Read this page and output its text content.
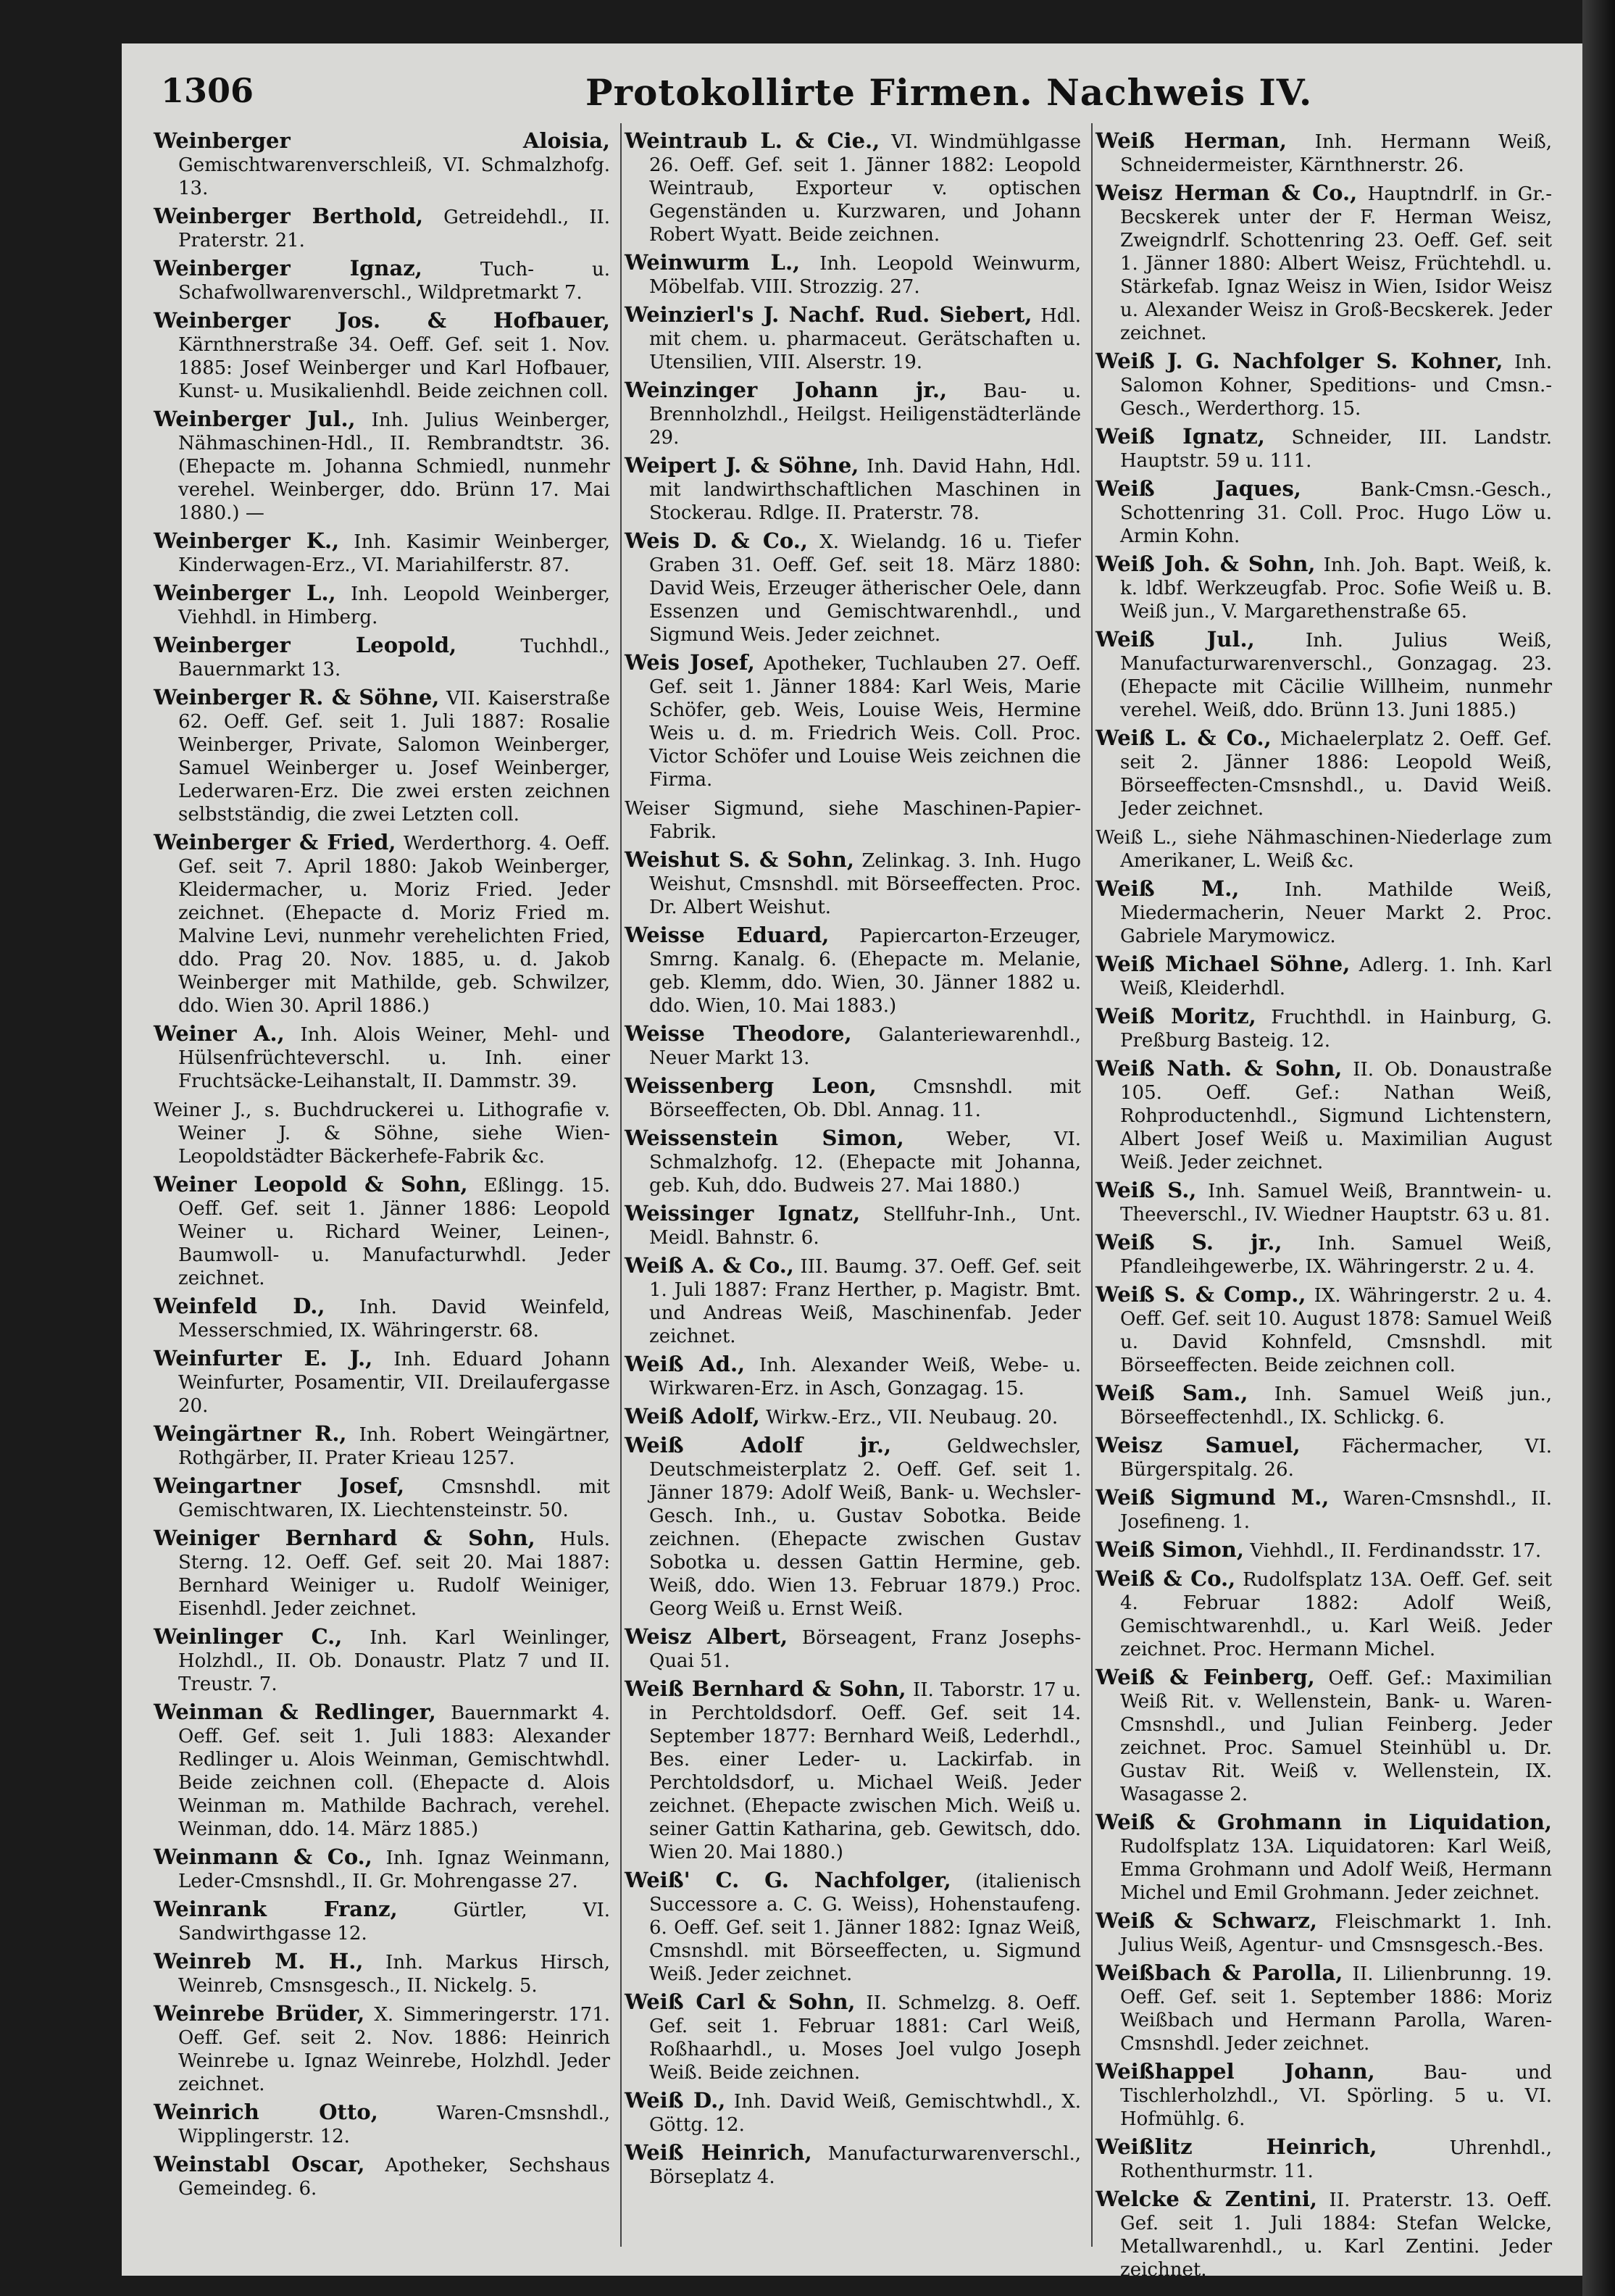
1306	Protokollirte Firmen. Nachweis IV.

Weinberger Aloisia, Gemischtwarenverschleiß, VI. Schmalzhofg. 13.

Weinberger Berthold, Getreidehdl., II. Praterstr. 21.

Weinberger Ignaz, Tuch- u. Schafwollwarenverschl., Wildpretmarkt 7.

Weinberger Jos. & Hofbauer, Kärnthnerstraße 34. Oeff. Gef. seit 1. Nov. 1885: Josef Weinberger und Karl Hofbauer, Kunst- u. Musikalienhdl. Beide zeichnen coll.

Weinberger Jul., Inh. Julius Weinberger, Nähmaschinen-Hdl., II. Rembrandtstr. 36. (Ehepacte m. Johanna Schmiedl, nunmehr verehel. Weinberger, ddo. Brünn 17. Mai 1880.) —

Weinberger K., Inh. Kasimir Weinberger, Kinderwagen-Erz., VI. Mariahilferstr. 87.

Weinberger L., Inh. Leopold Weinberger, Viehhdl. in Himberg.

Weinberger Leopold, Tuchhdl., Bauernmarkt 13.

Weinberger R. & Söhne, VII. Kaiserstraße 62. Oeff. Gef. seit 1. Juli 1887: Rosalie Weinberger, Private, Salomon Weinberger, Samuel Weinberger u. Josef Weinberger, Lederwaren-Erz. Die zwei ersten zeichnen selbstständig, die zwei Letzten coll.

Weinberger & Fried, Werderthorg. 4. Oeff. Gef. seit 7. April 1880: Jakob Weinberger, Kleidermacher, u. Moriz Fried. Jeder zeichnet. (Ehepacte d. Moriz Fried m. Malvine Levi, nunmehr verehelichten Fried, ddo. Prag 20. Nov. 1885, u. d. Jakob Weinberger mit Mathilde, geb. Schwilzer, ddo. Wien 30. April 1886.)

Weiner A., Inh. Alois Weiner, Mehl- und Hülsenfrüchteverschl. u. Inh. einer Fruchtsäcke-Leihanstalt, II. Dammstr. 39.

Weiner J., s. Buchdruckerei u. Lithografie v. Weiner J. & Söhne, siehe Wien-Leopoldstädter Bäckerhefe-Fabrik &c.

Weiner Leopold & Sohn, Eßlingg. 15. Oeff. Gef. seit 1. Jänner 1886: Leopold Weiner u. Richard Weiner, Leinen-, Baumwoll- u. Manufacturwhdl. Jeder zeichnet.

Weinfeld D., Inh. David Weinfeld, Messerschmied, IX. Währingerstr. 68.

Weinfurter E. J., Inh. Eduard Johann Weinfurter, Posamentir, VII. Dreilaufergasse 20.

Weingärtner R., Inh. Robert Weingärtner, Rothgärber, II. Prater Krieau 1257.

Weingartner Josef, Cmsnshdl. mit Gemischtwaren, IX. Liechtensteinstr. 50.

Weiniger Bernhard & Sohn, Huls. Sterng. 12. Oeff. Gef. seit 20. Mai 1887: Bernhard Weiniger u. Rudolf Weiniger, Eisenhdl. Jeder zeichnet.

Weinlinger C., Inh. Karl Weinlinger, Holzhdl., II. Ob. Donaustr. Platz 7 und II. Treustr. 7.

Weinman & Redlinger, Bauernmarkt 4. Oeff. Gef. seit 1. Juli 1883: Alexander Redlinger u. Alois Weinman, Gemischtwhdl. Beide zeichnen coll. (Ehepacte d. Alois Weinman m. Mathilde Bachrach, verehel. Weinman, ddo. 14. März 1885.)

Weinmann & Co., Inh. Ignaz Weinmann, Leder-Cmsnshdl., II. Gr. Mohrengasse 27.

Weinrank Franz, Gürtler, VI. Sandwirthgasse 12.

Weinreb M. H., Inh. Markus Hirsch, Weinreb, Cmsnsgesch., II. Nickelg. 5.

Weinrebe Brüder, X. Simmeringerstr. 171. Oeff. Gef. seit 2. Nov. 1886: Heinrich Weinrebe u. Ignaz Weinrebe, Holzhdl. Jeder zeichnet.

Weinrich Otto, Waren-Cmsnshdl., Wipplingerstr. 12.

Weinstabl Oscar, Apotheker, Sechshaus Gemeindeg. 6.

Weintraub L. & Cie., VI. Windmühlgasse 26. Oeff. Gef. seit 1. Jänner 1882: Leopold Weintraub, Exporteur v. optischen Gegenständen u. Kurzwaren, und Johann Robert Wyatt. Beide zeichnen.

Weinwurm L., Inh. Leopold Weinwurm, Möbelfab. VIII. Strozzig. 27.

Weinzierl's J. Nachf. Rud. Siebert, Hdl. mit chem. u. pharmaceut. Gerätschaften u. Utensilien, VIII. Alserstr. 19.

Weinzinger Johann jr., Bau- u. Brennholzhdl., Heilgst. Heiligenstädterlände 29.

Weipert J. & Söhne, Inh. David Hahn, Hdl. mit landwirthschaftlichen Maschinen in Stockerau. Rdlge. II. Praterstr. 78.

Weis D. & Co., X. Wielandg. 16 u. Tiefer Graben 31. Oeff. Gef. seit 18. März 1880: David Weis, Erzeuger ätherischer Oele, dann Essenzen und Gemischtwarenhdl., und Sigmund Weis. Jeder zeichnet.

Weis Josef, Apotheker, Tuchlauben 27. Oeff. Gef. seit 1. Jänner 1884: Karl Weis, Marie Schöfer, geb. Weis, Louise Weis, Hermine Weis u. d. m. Friedrich Weis. Coll. Proc. Victor Schöfer und Louise Weis zeichnen die Firma.

Weiser Sigmund, siehe Maschinen-Papier-Fabrik.

Weishut S. & Sohn, Zelinkag. 3. Inh. Hugo Weishut, Cmsnshdl. mit Börseeffecten. Proc. Dr. Albert Weishut.

Weisse Eduard, Papiercarton-Erzeuger, Smrng. Kanalg. 6. (Ehepacte m. Melanie, geb. Klemm, ddo. Wien, 30. Jänner 1882 u. ddo. Wien, 10. Mai 1883.)

Weisse Theodore, Galanteriewarenhdl., Neuer Markt 13.

Weissenberg Leon, Cmsnshdl. mit Börseeffecten, Ob. Dbl. Annag. 11.

Weissenstein Simon, Weber, VI. Schmalzhofg. 12. (Ehepacte mit Johanna, geb. Kuh, ddo. Budweis 27. Mai 1880.)

Weissinger Ignatz, Stellfuhr-Inh., Unt. Meidl. Bahnstr. 6.

Weiß A. & Co., III. Baumg. 37. Oeff. Gef. seit 1. Juli 1887: Franz Herther, p. Magistr. Bmt. und Andreas Weiß, Maschinenfab. Jeder zeichnet.

Weiß Ad., Inh. Alexander Weiß, Webe- u. Wirkwaren-Erz. in Asch, Gonzagag. 15.

Weiß Adolf, Wirkw.-Erz., VII. Neubaug. 20.

Weiß Adolf jr., Geldwechsler, Deutschmeisterplatz 2. Oeff. Gef. seit 1. Jänner 1879: Adolf Weiß, Bank- u. Wechsler-Gesch. Inh., u. Gustav Sobotka. Beide zeichnen. (Ehepacte zwischen Gustav Sobotka u. dessen Gattin Hermine, geb. Weiß, ddo. Wien 13. Februar 1879.) Proc. Georg Weiß u. Ernst Weiß.

Weisz Albert, Börseagent, Franz Josephs-Quai 51.

Weiß Bernhard & Sohn, II. Taborstr. 17 u. in Perchtoldsdorf. Oeff. Gef. seit 14. September 1877: Bernhard Weiß, Lederhdl., Bes. einer Leder- u. Lackirfab. in Perchtoldsdorf, u. Michael Weiß. Jeder zeichnet. (Ehepacte zwischen Mich. Weiß u. seiner Gattin Katharina, geb. Gewitsch, ddo. Wien 20. Mai 1880.)

Weiß' C. G. Nachfolger, (italienisch Successore a. C. G. Weiss), Hohenstaufeng. 6. Oeff. Gef. seit 1. Jänner 1882: Ignaz Weiß, Cmsnshdl. mit Börseeffecten, u. Sigmund Weiß. Jeder zeichnet.

Weiß Carl & Sohn, II. Schmelzg. 8. Oeff. Gef. seit 1. Februar 1881: Carl Weiß, Roßhaarhdl., u. Moses Joel vulgo Joseph Weiß. Beide zeichnen.

Weiß D., Inh. David Weiß, Gemischtwhdl., X. Göttg. 12.

Weiß Heinrich, Manufacturwarenverschl., Börseplatz 4.

Weiß Herman, Inh. Hermann Weiß, Schneidermeister, Kärnthnerstr. 26.

Weisz Herman & Co., Hauptndrlf. in Gr.-Becskerek unter der F. Herman Weisz, Zweigndrlf. Schottenring 23. Oeff. Gef. seit 1. Jänner 1880: Albert Weisz, Früchtehdl. u. Stärkefab. Ignaz Weisz in Wien, Isidor Weisz u. Alexander Weisz in Groß-Becskerek. Jeder zeichnet.

Weiß J. G. Nachfolger S. Kohner, Inh. Salomon Kohner, Speditions- und Cmsn.-Gesch., Werderthorg. 15.

Weiß Ignatz, Schneider, III. Landstr. Hauptstr. 59 u. 111.

Weiß Jaques, Bank-Cmsn.-Gesch., Schottenring 31. Coll. Proc. Hugo Löw u. Armin Kohn.

Weiß Joh. & Sohn, Inh. Joh. Bapt. Weiß, k. k. ldbf. Werkzeugfab. Proc. Sofie Weiß u. B. Weiß jun., V. Margarethenstraße 65.

Weiß Jul., Inh. Julius Weiß, Manufacturwarenverschl., Gonzagag. 23. (Ehepacte mit Cäcilie Willheim, nunmehr verehel. Weiß, ddo. Brünn 13. Juni 1885.)

Weiß L. & Co., Michaelerplatz 2. Oeff. Gef. seit 2. Jänner 1886: Leopold Weiß, Börseeffecten-Cmsnshdl., u. David Weiß. Jeder zeichnet.

Weiß L., siehe Nähmaschinen-Niederlage zum Amerikaner, L. Weiß &c.

Weiß M., Inh. Mathilde Weiß, Miedermacherin, Neuer Markt 2. Proc. Gabriele Marymowicz.

Weiß Michael Söhne, Adlerg. 1. Inh. Karl Weiß, Kleiderhdl.

Weiß Moritz, Fruchthdl. in Hainburg, G. Preßburg Basteig. 12.

Weiß Nath. & Sohn, II. Ob. Donaustraße 105. Oeff. Gef.: Nathan Weiß, Rohproductenhdl., Sigmund Lichtenstern, Albert Josef Weiß u. Maximilian August Weiß. Jeder zeichnet.

Weiß S., Inh. Samuel Weiß, Branntwein- u. Theeverschl., IV. Wiedner Hauptstr. 63 u. 81.

Weiß S. jr., Inh. Samuel Weiß, Pfandleihgewerbe, IX. Währingerstr. 2 u. 4.

Weiß S. & Comp., IX. Währingerstr. 2 u. 4. Oeff. Gef. seit 10. August 1878: Samuel Weiß u. David Kohnfeld, Cmsnshdl. mit Börseeffecten. Beide zeichnen coll.

Weiß Sam., Inh. Samuel Weiß jun., Börseeffectenhdl., IX. Schlickg. 6.

Weisz Samuel, Fächermacher, VI. Bürgerspitalg. 26.

Weiß Sigmund M., Waren-Cmsnshdl., II. Josefineng. 1.

Weiß Simon, Viehhdl., II. Ferdinandsstr. 17.

Weiß & Co., Rudolfsplatz 13A. Oeff. Gef. seit 4. Februar 1882: Adolf Weiß, Gemischtwarenhdl., u. Karl Weiß. Jeder zeichnet. Proc. Hermann Michel.

Weiß & Feinberg, Oeff. Gef.: Maximilian Weiß Rit. v. Wellenstein, Bank- u. Waren-Cmsnshdl., und Julian Feinberg. Jeder zeichnet. Proc. Samuel Steinhübl u. Dr. Gustav Rit. Weiß v. Wellenstein, IX. Wasagasse 2.

Weiß & Grohmann in Liquidation, Rudolfsplatz 13A. Liquidatoren: Karl Weiß, Emma Grohmann und Adolf Weiß, Hermann Michel und Emil Grohmann. Jeder zeichnet.

Weiß & Schwarz, Fleischmarkt 1. Inh. Julius Weiß, Agentur- und Cmsnsgesch.-Bes.

Weißbach & Parolla, II. Lilienbrunng. 19. Oeff. Gef. seit 1. September 1886: Moriz Weißbach und Hermann Parolla, Waren-Cmsnshdl. Jeder zeichnet.

Weißhappel Johann, Bau- und Tischlerholzhdl., VI. Spörling. 5 u. VI. Hofmühlg. 6.

Weißlitz Heinrich, Uhrenhdl., Rothenthurmstr. 11.

Welcke & Zentini, II. Praterstr. 13. Oeff. Gef. seit 1. Juli 1884: Stefan Welcke, Metallwarenhdl., u. Karl Zentini. Jeder zeichnet.
